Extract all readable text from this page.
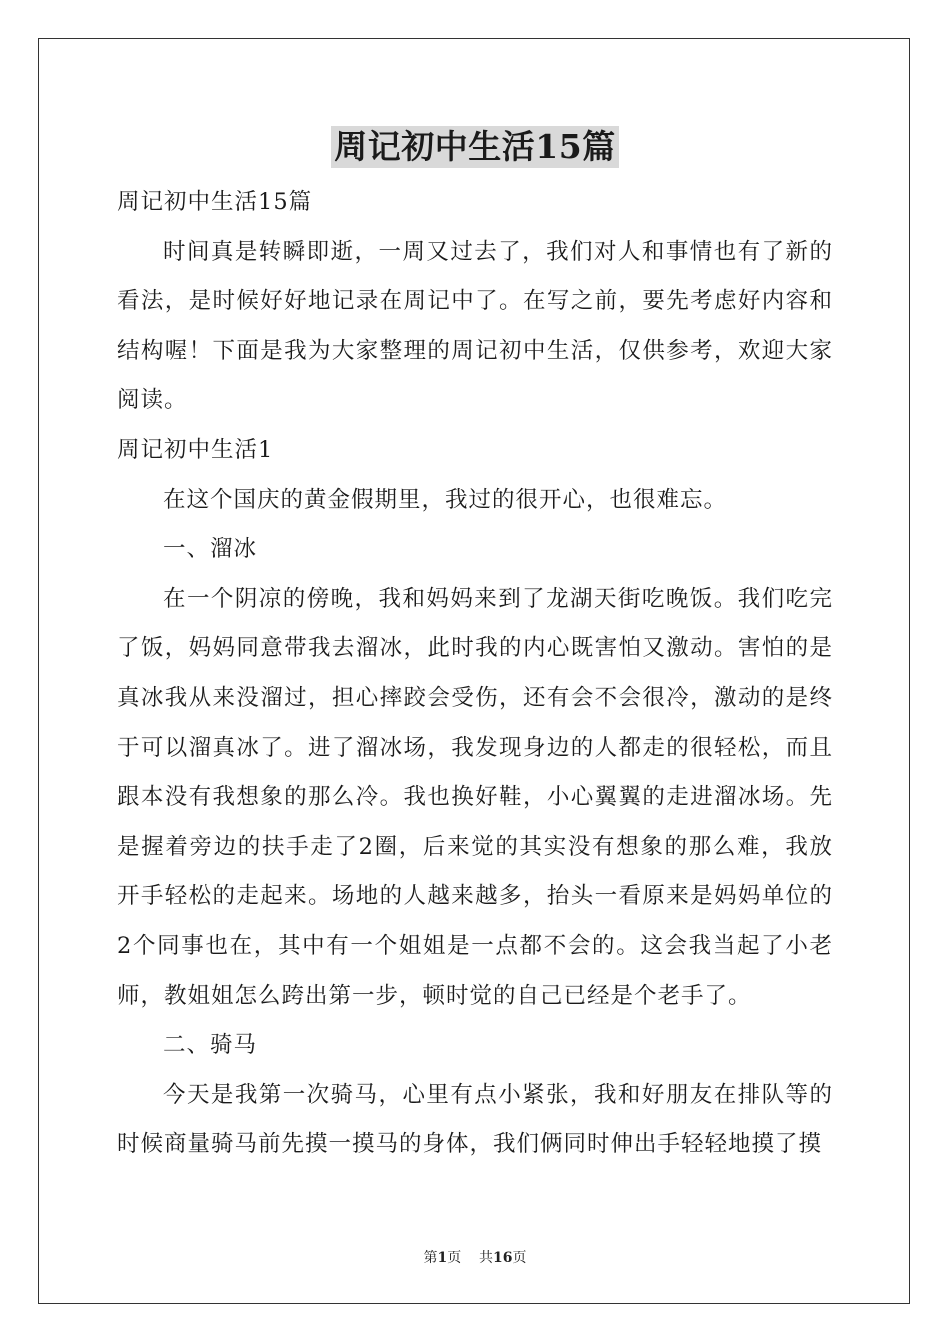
周记初中生活15篇

周记初中生活15篇

时间真是转瞬即逝，一周又过去了，我们对人和事情也有了新的看法，是时候好好地记录在周记中了。在写之前，要先考虑好内容和结构喔！下面是我为大家整理的周记初中生活，仅供参考，欢迎大家阅读。

周记初中生活1

在这个国庆的黄金假期里，我过的很开心，也很难忘。

一、溜冰

在一个阴凉的傍晚，我和妈妈来到了龙湖天街吃晚饭。我们吃完了饭，妈妈同意带我去溜冰，此时我的内心既害怕又激动。害怕的是真冰我从来没溜过，担心摔跤会受伤，还有会不会很冷，激动的是终于可以溜真冰了。进了溜冰场，我发现身边的人都走的很轻松，而且跟本没有我想象的那么冷。我也换好鞋，小心翼翼的走进溜冰场。先是握着旁边的扶手走了2圈，后来觉的其实没有想象的那么难，我放开手轻松的走起来。场地的人越来越多，抬头一看原来是妈妈单位的2个同事也在，其中有一个姐姐是一点都不会的。这会我当起了小老师，教姐姐怎么跨出第一步，顿时觉的自己已经是个老手了。

二、骑马

今天是我第一次骑马，心里有点小紧张，我和好朋友在排队等的时候商量骑马前先摸一摸马的身体，我们俩同时伸出手轻轻地摸了摸

第1页 共16页
